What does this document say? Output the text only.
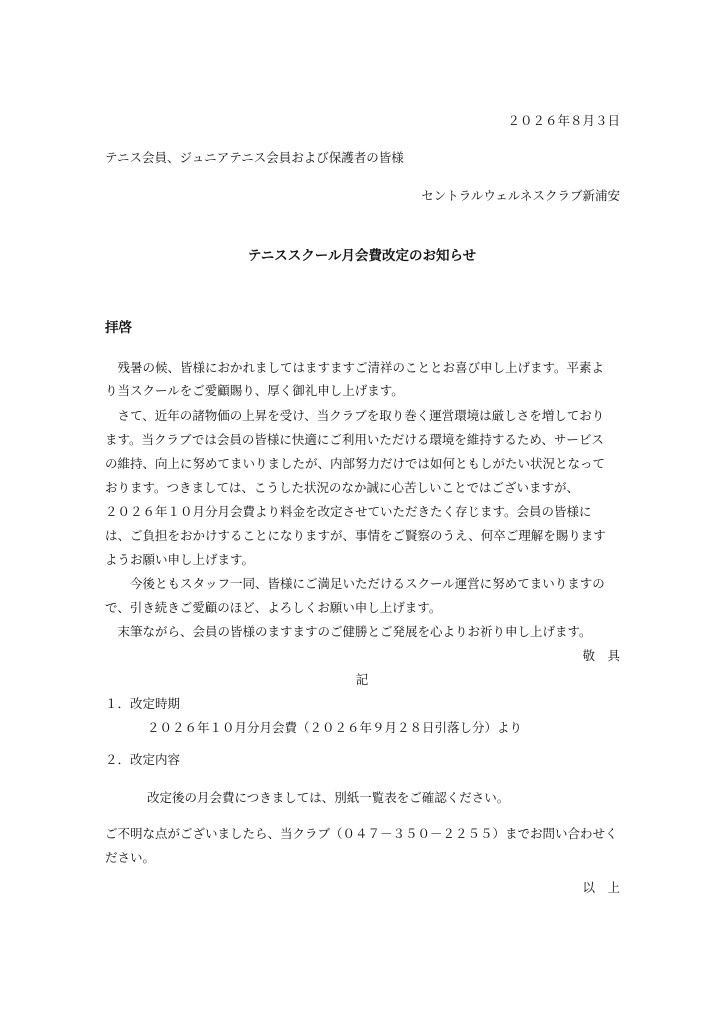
２０２６年８月３日
テニス会員、ジュニアテニス会員および保護者の皆様
セントラルウェルネスクラブ新浦安
テニススクール月会費改定のお知らせ
拝啓
　残暑の候、皆様におかれましてはますますご清祥のこととお喜び申し上げます。平素よ
り当スクールをご愛顧賜り、厚く御礼申し上げます。
　さて、近年の諸物価の上昇を受け、当クラブを取り巻く運営環境は厳しさを増しており
ます。当クラブでは会員の皆様に快適にご利用いただける環境を維持するため、サービス
の維持、向上に努めてまいりましたが、内部努力だけでは如何ともしがたい状況となって
おります。つきましては、こうした状況のなか誠に心苦しいことではございますが、
２０２６年１０月分月会費より料金を改定させていただきたく存じます。会員の皆様に
は、ご負担をおかけすることになりますが、事情をご賢察のうえ、何卒ご理解を賜ります
ようお願い申し上げます。
　　今後ともスタッフ一同、皆様にご満足いただけるスクール運営に努めてまいりますの
で、引き続きご愛顧のほど、よろしくお願い申し上げます。
　末筆ながら、会員の皆様のますますのご健勝とご発展を心よりお祈り申し上げます。
敬　具
記
１．改定時期
２０２６年１０月分月会費（２０２６年９月２８日引落し分）より
２．改定内容
改定後の月会費につきましては、別紙一覧表をご確認ください。
ご不明な点がございましたら、当クラブ（０４７－３５０－２２５５）までお問い合わせく
ださい。
以　上
